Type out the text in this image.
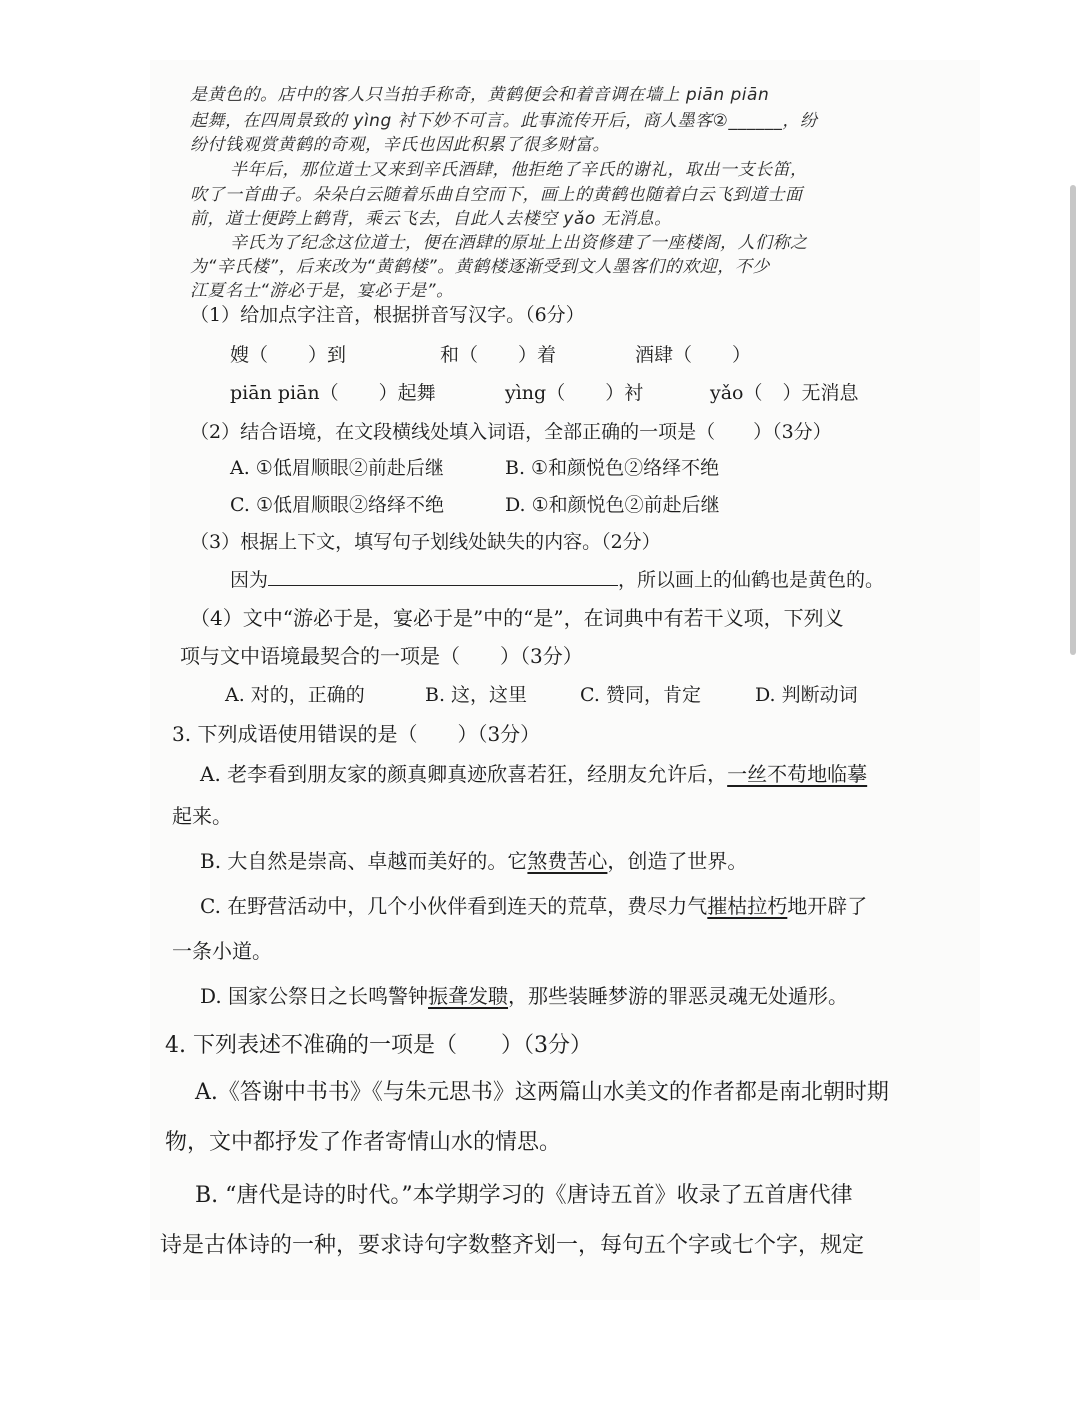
是黄色的。店中的客人只当拍手称奇，黄鹤便会和着音调在墙上 piān piān
起舞，在四周景致的 yìng 衬下妙不可言。此事流传开后，商人墨客②______，纷
纷付钱观赏黄鹤的奇观，辛氏也因此积累了很多财富。
半年后，那位道士又来到辛氏酒肆，他拒绝了辛氏的谢礼，取出一支长笛，
吹了一首曲子。朵朵白云随着乐曲自空而下，画上的黄鹤也随着白云飞到道士面
前，道士便跨上鹤背，乘云飞去，自此人去楼空 yǎo 无消息。
辛氏为了纪念这位道士，便在酒肆的原址上出资修建了一座楼阁，人们称之
为“辛氏楼”，后来改为“黄鹤楼”。黄鹤楼逐渐受到文人墨客们的欢迎，不少
江夏名士“游必于是，宴必于是”。
（1）给加点字注音，根据拼音写汉字。（6分）
嫂（ ）到	和（ ）着	酒肆（ ）
piān piān（ ）起舞	yìng（ ）衬	yǎo（ ）无消息
（2）结合语境，在文段横线处填入词语，全部正确的一项是（　　）（3分）
A. ①低眉顺眼②前赴后继	B. ①和颜悦色②络绎不绝
C. ①低眉顺眼②络绎不绝	D. ①和颜悦色②前赴后继
（3）根据上下文，填写句子划线处缺失的内容。（2分）
因为	，所以画上的仙鹤也是黄色的。
（4）文中“游必于是，宴必于是”中的“是”，在词典中有若干义项，下列义
项与文中语境最契合的一项是（　　）（3分）
A. 对的，正确的	B. 这，这里	C. 赞同，肯定	D. 判断动词
3. 下列成语使用错误的是（　　）（3分）
A. 老李看到朋友家的颜真卿真迹欣喜若狂，经朋友允许后，一丝不苟地临摹
起来。
B. 大自然是崇高、卓越而美好的。它煞费苦心，创造了世界。
C. 在野营活动中，几个小伙伴看到连天的荒草，费尽力气摧枯拉朽地开辟了
一条小道。
D. 国家公祭日之长鸣警钟振聋发聩，那些装睡梦游的罪恶灵魂无处遁形。
4. 下列表述不准确的一项是（　　）（3分）
A.《答谢中书书》《与朱元思书》这两篇山水美文的作者都是南北朝时期
物，文中都抒发了作者寄情山水的情思。
B. “唐代是诗的时代。”本学期学习的《唐诗五首》收录了五首唐代律
诗是古体诗的一种，要求诗句字数整齐划一，每句五个字或七个字，规定
